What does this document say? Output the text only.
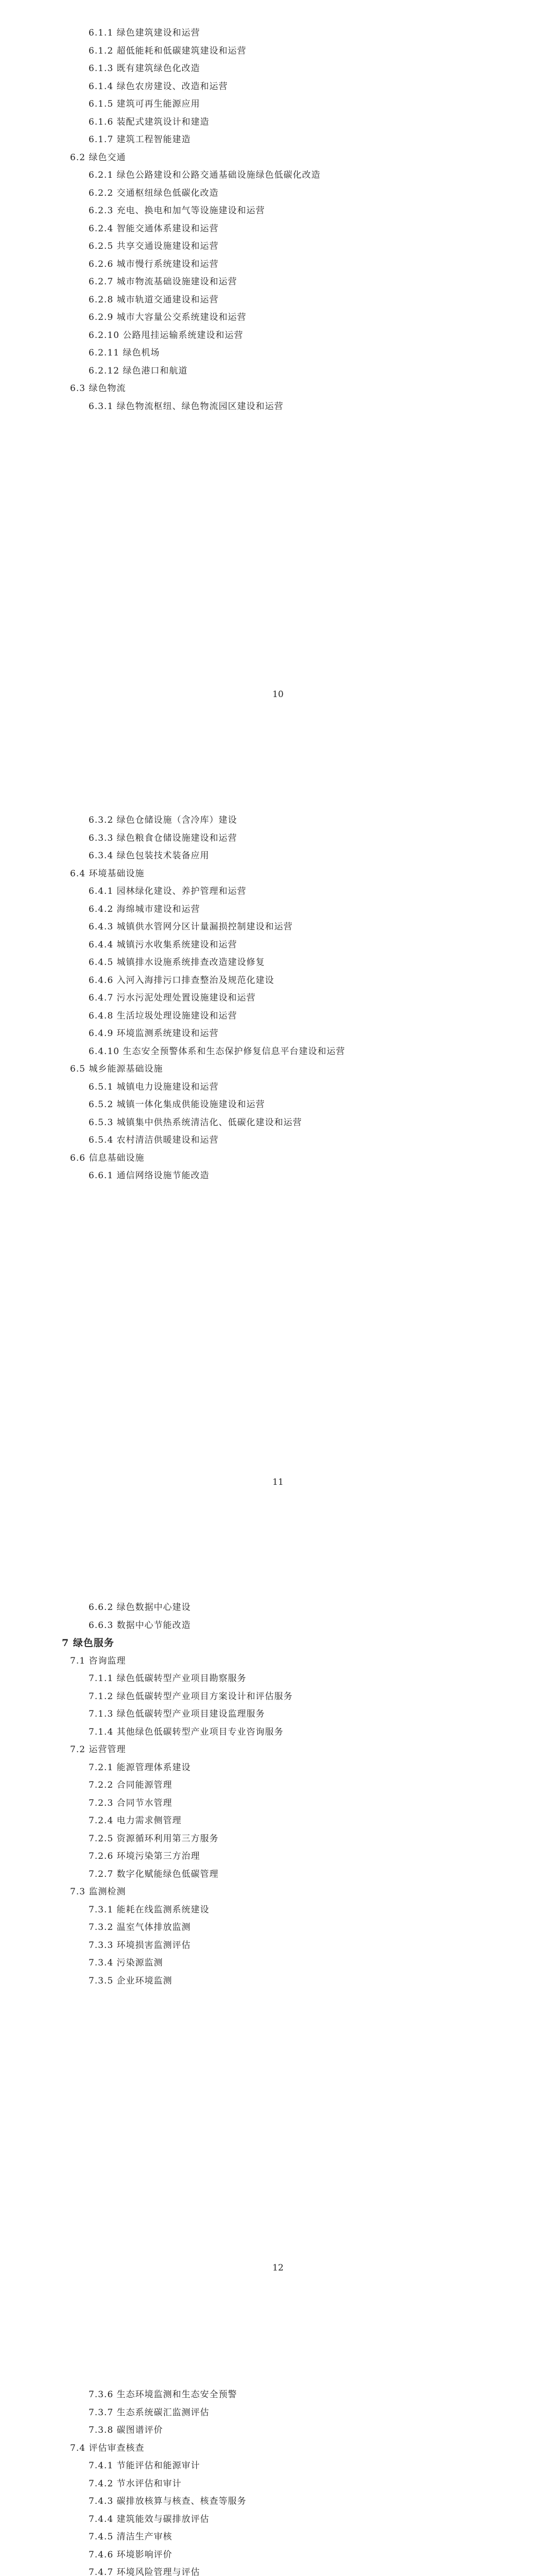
6.1.1 绿色建筑建设和运营
6.1.2 超低能耗和低碳建筑建设和运营
6.1.3 既有建筑绿色化改造
6.1.4 绿色农房建设、改造和运营
6.1.5 建筑可再生能源应用
6.1.6 装配式建筑设计和建造
6.1.7 建筑工程智能建造
6.2 绿色交通
6.2.1 绿色公路建设和公路交通基础设施绿色低碳化改造
6.2.2 交通枢纽绿色低碳化改造
6.2.3 充电、换电和加气等设施建设和运营
6.2.4 智能交通体系建设和运营
6.2.5 共享交通设施建设和运营
6.2.6 城市慢行系统建设和运营
6.2.7 城市物流基础设施建设和运营
6.2.8 城市轨道交通建设和运营
6.2.9 城市大容量公交系统建设和运营
6.2.10 公路甩挂运输系统建设和运营
6.2.11 绿色机场
6.2.12 绿色港口和航道
6.3 绿色物流
6.3.1 绿色物流枢纽、绿色物流园区建设和运营
10
6.3.2 绿色仓储设施（含冷库）建设
6.3.3 绿色粮食仓储设施建设和运营
6.3.4 绿色包装技术装备应用
6.4 环境基础设施
6.4.1 园林绿化建设、养护管理和运营
6.4.2 海绵城市建设和运营
6.4.3 城镇供水管网分区计量漏损控制建设和运营
6.4.4 城镇污水收集系统建设和运营
6.4.5 城镇排水设施系统排查改造建设修复
6.4.6 入河入海排污口排查整治及规范化建设
6.4.7 污水污泥处理处置设施建设和运营
6.4.8 生活垃圾处理设施建设和运营
6.4.9 环境监测系统建设和运营
6.4.10 生态安全预警体系和生态保护修复信息平台建设和运营
6.5 城乡能源基础设施
6.5.1 城镇电力设施建设和运营
6.5.2 城镇一体化集成供能设施建设和运营
6.5.3 城镇集中供热系统清洁化、低碳化建设和运营
6.5.4 农村清洁供暖建设和运营
6.6 信息基础设施
6.6.1 通信网络设施节能改造
11
6.6.2 绿色数据中心建设
6.6.3 数据中心节能改造
7 绿色服务
7.1 咨询监理
7.1.1 绿色低碳转型产业项目勘察服务
7.1.2 绿色低碳转型产业项目方案设计和评估服务
7.1.3 绿色低碳转型产业项目建设监理服务
7.1.4 其他绿色低碳转型产业项目专业咨询服务
7.2 运营管理
7.2.1 能源管理体系建设
7.2.2 合同能源管理
7.2.3 合同节水管理
7.2.4 电力需求侧管理
7.2.5 资源循环利用第三方服务
7.2.6 环境污染第三方治理
7.2.7 数字化赋能绿色低碳管理
7.3 监测检测
7.3.1 能耗在线监测系统建设
7.3.2 温室气体排放监测
7.3.3 环境损害监测评估
7.3.4 污染源监测
7.3.5 企业环境监测
12
7.3.6 生态环境监测和生态安全预警
7.3.7 生态系统碳汇监测评估
7.3.8 碳图谱评价
7.4 评估审查核查
7.4.1 节能评估和能源审计
7.4.2 节水评估和审计
7.4.3 碳排放核算与核查、核查等服务
7.4.4 建筑能效与碳排放评估
7.4.5 清洁生产审核
7.4.6 环境影响评价
7.4.7 环境风险管理与评估
